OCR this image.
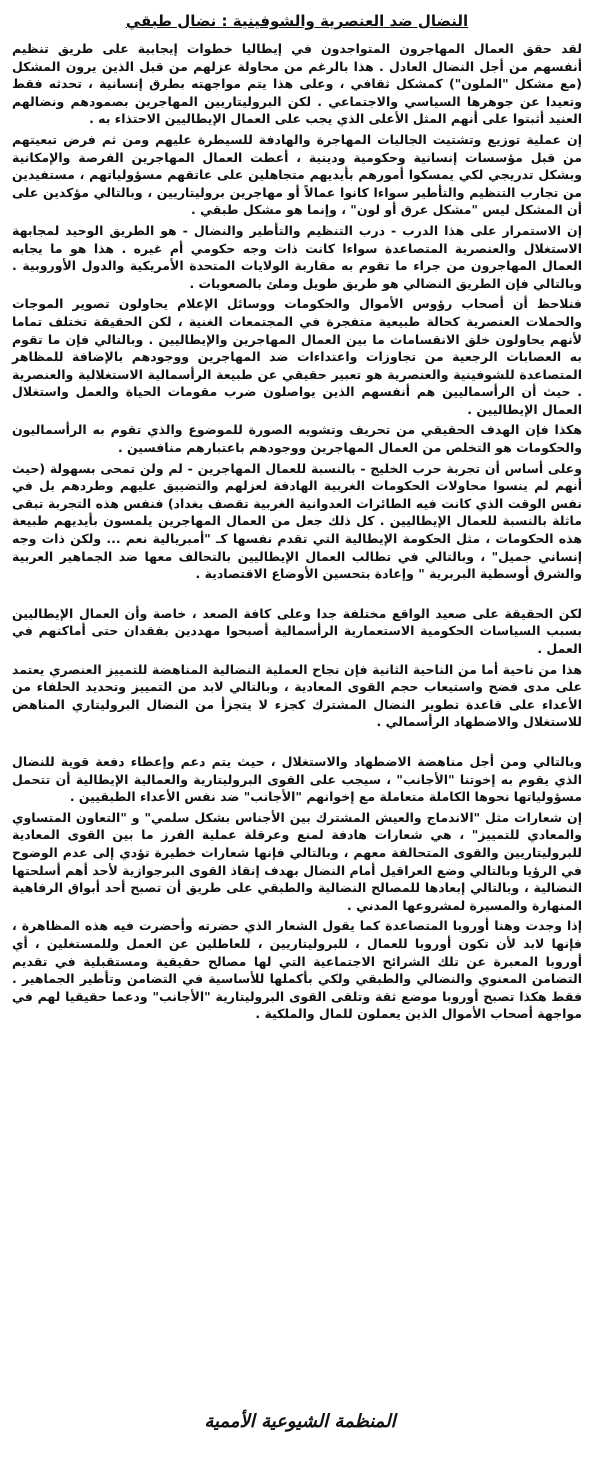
النضال ضد العنصرية والشوفينية : نضال طبقي

لقد حقق العمال المهاجرون المتواجدون في إيطاليا خطوات إيجابية على طريق تنظيم أنفسهم من أجل النضال العادل . هذا بالرغم من محاولة عزلهم من قبل الذين يرون المشكل (مع مشكل "الملون") كمشكل ثقافي ، وعلى هذا يتم مواجهته بطرق إنسانية ، تحدثه فقط وتعيدا عن جوهرها السياسي والاجتماعي . لكن البروليتاريين المهاجرين بصمودهم ونضالهم العنيد أثبتوا على أنهم المثل الأعلى الذي يجب على العمال الإيطاليين الاحتذاء به .

إن عملية توزيع وتشتيت الجاليات المهاجرة والهادفة للسيطرة عليهم ومن ثم فرض تبعيتهم من قبل مؤسسات إنسانية وحكومية ودينية ، أعطت العمال المهاجرين الفرصة والإمكانية وبشكل تدريجي لكي يمسكوا أمورهم بأيديهم متجاهلين على عاتقهم مسؤولياتهم ، مستفيدين من تجارب التنظيم والتأطير سواءا كانوا عمالاً أو مهاجرين بروليتاريين ، وبالتالي مؤكدين على أن المشكل ليس "مشكل عرق أو لون" ، وإنما هو مشكل طبقي .

إن الاستمرار على هذا الدرب - درب التنظيم والتأطير والنضال - هو الطريق الوحيد لمجابهة الاستغلال والعنصرية المتصاعدة سواءا كانت ذات وجه حكومي أم غيره . هذا هو ما يجابه العمال المهاجرون من جراء ما تقوم به مقاربة الولايات المتحدة الأمريكية والدول الأوروبية . وبالتالي فإن الطريق النضالي هو طريق طويل وملئ بالصعوبات .

فنلاحظ أن أصحاب رؤوس الأموال والحكومات ووسائل الإعلام يحاولون تصوير الموجات والحملات العنصرية كحالة طبيعية متفجرة في المجتمعات الغنية ، لكن الحقيقة تختلف تماما لأنهم يحاولون خلق الانقسامات ما بين العمال المهاجرين والإيطاليين . وبالتالي فإن ما تقوم به العصابات الرجعية من تجاوزات واعتداءات ضد المهاجرين ووجودهم بالإضافة للمظاهر المتصاعدة للشوفينية والعنصرية هو تعبير حقيقي عن طبيعة الرأسمالية الاستغلالية والعنصرية . حيث أن الرأسماليين هم أنفسهم الذين يواصلون ضرب مقومات الحياة والعمل واستغلال العمال الإيطاليين .

هكذا فإن الهدف الحقيقي من تحريف وتشويه الصورة للموضوع والذي تقوم به الرأسماليون والحكومات هو التخلص من العمال المهاجرين ووجودهم باعتبارهم منافسين .

وعلى أساس أن تجربة حرب الخليج - بالنسبة للعمال المهاجرين - لم ولن تمحى بسهولة (حيث أنهم لم ينسوا محاولات الحكومات الغربية الهادفة لعزلهم والتضييق عليهم وطردهم بل في نفس الوقت الذي كانت فيه الطائرات العدوانية الغربية تقصف بغداد) فنفس هذه التجربة تبقى ماثلة بالنسبة للعمال الإيطاليين . كل ذلك جعل من العمال المهاجرين يلمسون بأيديهم طبيعة هذه الحكومات ، مثل الحكومة الإيطالية التي تقدم نفسها كـ "أمبريالية نعم ... ولكن ذات وجه إنساني جميل" ، وبالتالي في تطالب العمال الإيطاليين بالتحالف معها ضد الجماهير العربية والشرق أوسطية البربرية " وإعادة بتحسين الأوضاع الاقتصادية .

لكن الحقيقة على صعيد الواقع مختلفة جدا وعلى كافة الصعد ، خاصة وأن العمال الإيطاليين بسبب السياسات الحكومية الاستعمارية الرأسمالية أصبحوا مهددين بفقدان حتى أماكنهم في العمل .

هذا من ناحية أما من الناحية الثانية فإن نجاح العملية النضالية المناهضة للتمييز العنصري يعتمد على مدى فضح واستيعاب حجم القوى المعادية ، وبالتالي لابد من التمييز وتحديد الحلفاء من الأعداء على قاعدة تطوير النضال المشترك كجزء لا يتجزأ من النضال البروليتاري المناهض للاستغلال والاضطهاد الرأسمالي .

وبالتالي ومن أجل مناهضة الاضطهاد والاستغلال ، حيث يتم دعم وإعطاء دفعة قوية للنضال الذي يقوم به إخوتنا "الأجانب" ، سيجب على القوى البروليتارية والعمالية الإيطالية أن تتحمل مسؤولياتها نحوها الكاملة متعاملة مع إخوانهم "الأجانب" ضد نفس الأعداء الطبقيين .

إن شعارات مثل "الاندماج والعيش المشترك بين الأجناس بشكل سلمي" و "التعاون المتساوي والمعادي للتمييز" ، هي شعارات هادفة لمنع وعرقلة عملية الفرز ما بين القوى المعادية للبروليتاريين والقوى المتحالفة معهم ، وبالتالي فإنها شعارات خطيرة تؤدي إلى عدم الوضوح في الرؤيا وبالتالي وضع العراقيل أمام النضال بهدف إنقاذ القوى البرجوازية لأحد أهم أسلحتها النضالية ، وبالتالي إبعادها للمصالح النضالية والطبقي على طريق أن تصبح أحد أبواق الرفاهية المنهارة والمسيرة لمشروعها المدني .

إذا وجدت وهنا أوروبا المتصاعدة كما يقول الشعار الذي حضرته وأحضرت فيه هذه المظاهرة ، فإنها لابد لأن تكون أوروبا للعمال ، للبروليتاريين ، للعاطلين عن العمل وللمستغلين ، أي أوروبا المعبرة عن تلك الشرائح الاجتماعية التي لها مصالح حقيقية ومستقبلية في تقديم التضامن المعنوي والنضالي والطبقي ولكي بأكملها للأساسية في التضامن وتأطير الجماهير . فقط هكذا تصبح أوروبا موضع ثقة وتلقى القوى البروليتارية "الأجانب" ودعما حقيقيا لهم في مواجهة أصحاب الأموال الذين يعملون للمال والملكية .

المنظمة الشيوعية الأممية
